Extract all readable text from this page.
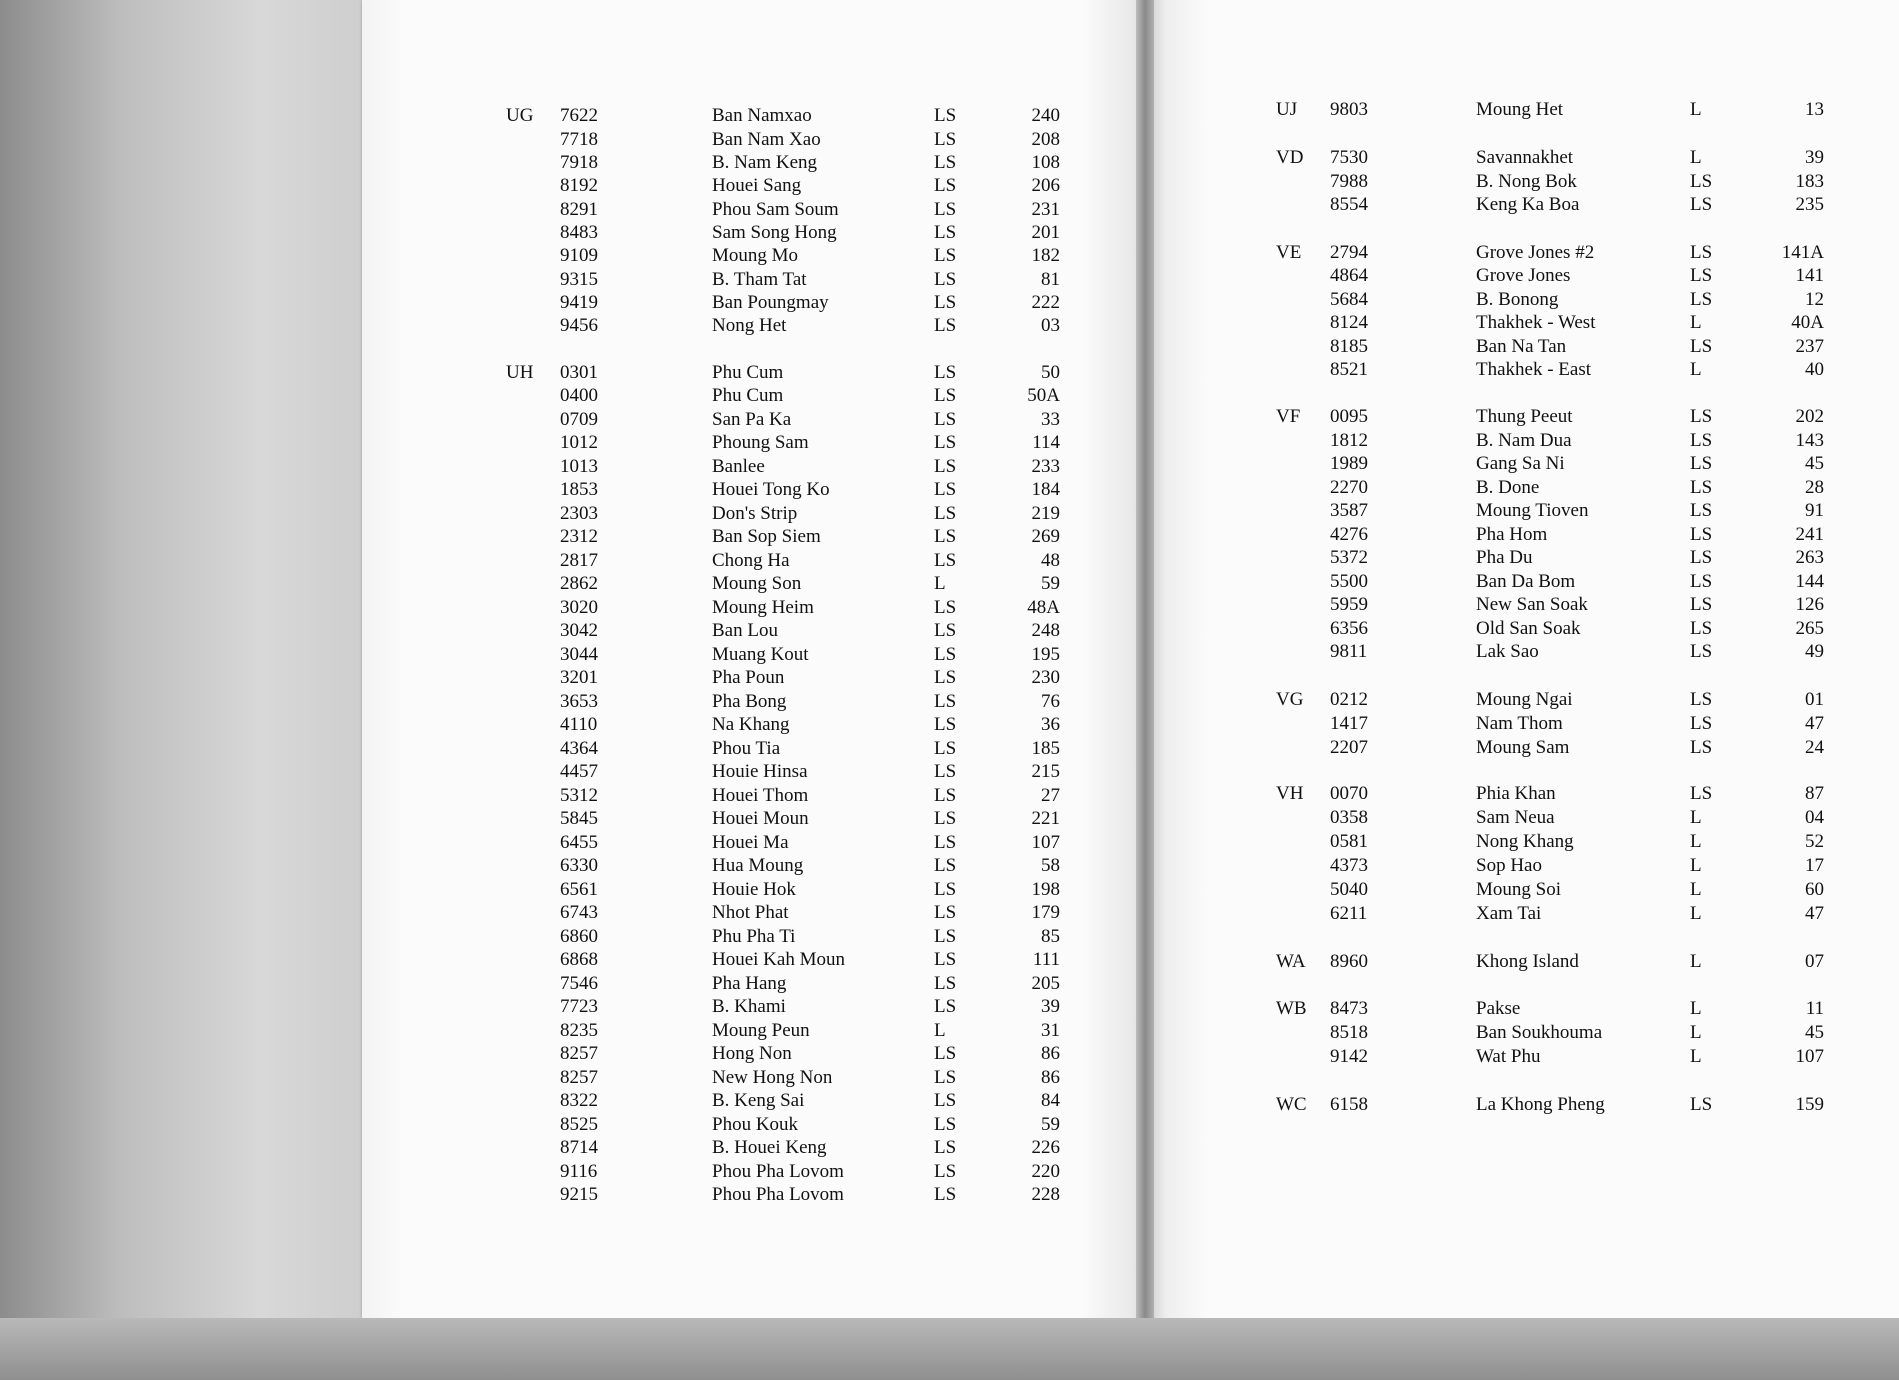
UG 7622	Ban Namxao	LS	240
7718	Ban Nam Xao	LS	208
7918	B. Nam Keng	LS	108
8192	Houei Sang	LS	206
8291	Phou Sam Soum	LS	231
8483	Sam Song Hong	LS	201
9109	Moung Mo	LS	182
9315	B. Tham Tat	LS	81
9419	Ban Poungmay	LS	222
9456	Nong Het	LS	03
UH 0301	Phu Cum	LS	50
0400	Phu Cum	LS	50A
0709	San Pa Ka	LS	33
1012	Phoung Sam	LS	114
1013	Banlee	LS	233
1853	Houei Tong Ko	LS	184
2303	Don's Strip	LS	219
2312	Ban Sop Siem	LS	269
2817	Chong Ha	LS	48
2862	Moung Son	L	59
3020	Moung Heim	LS	48A
3042	Ban Lou	LS	248
3044	Muang Kout	LS	195
3201	Pha Poun	LS	230
3653	Pha Bong	LS	76
4110	Na Khang	LS	36
4364	Phou Tia	LS	185
4457	Houie Hinsa	LS	215
5312	Houei Thom	LS	27
5845	Houei Moun	LS	221
6455	Houei Ma	LS	107
6330	Hua Moung	LS	58
6561	Houie Hok	LS	198
6743	Nhot Phat	LS	179
6860	Phu Pha Ti	LS	85
6868	Houei Kah Moun	LS	111
7546	Pha Hang	LS	205
7723	B. Khami	LS	39
8235	Moung Peun	L	31
8257	Hong Non	LS	86
8257	New Hong Non	LS	86
8322	B. Keng Sai	LS	84
8525	Phou Kouk	LS	59
8714	B. Houei Keng	LS	226
9116	Phou Pha Lovom	LS	220
9215	Phou Pha Lovom	LS	228
UJ 9803	Moung Het	L	13
VD 7530	Savannakhet	L	39
7988	B. Nong Bok	LS	183
8554	Keng Ka Boa	LS	235
VE 2794	Grove Jones #2	LS	141A
4864	Grove Jones	LS	141
5684	B. Bonong	LS	12
8124	Thakhek - West	L	40A
8185	Ban Na Tan	LS	237
8521	Thakhek - East	L	40
VF 0095	Thung Peeut	LS	202
1812	B. Nam Dua	LS	143
1989	Gang Sa Ni	LS	45
2270	B. Done	LS	28
3587	Moung Tioven	LS	91
4276	Pha Hom	LS	241
5372	Pha Du	LS	263
5500	Ban Da Bom	LS	144
5959	New San Soak	LS	126
6356	Old San Soak	LS	265
9811	Lak Sao	LS	49
VG 0212	Moung Ngai	LS	01
1417	Nam Thom	LS	47
2207	Moung Sam	LS	24
VH 0070	Phia Khan	LS	87
0358	Sam Neua	L	04
0581	Nong Khang	L	52
4373	Sop Hao	L	17
5040	Moung Soi	L	60
6211	Xam Tai	L	47
WA 8960	Khong Island	L	07
WB 8473	Pakse	L	11
8518	Ban Soukhouma	L	45
9142	Wat Phu	L	107
WC 6158	La Khong Pheng	LS	159
